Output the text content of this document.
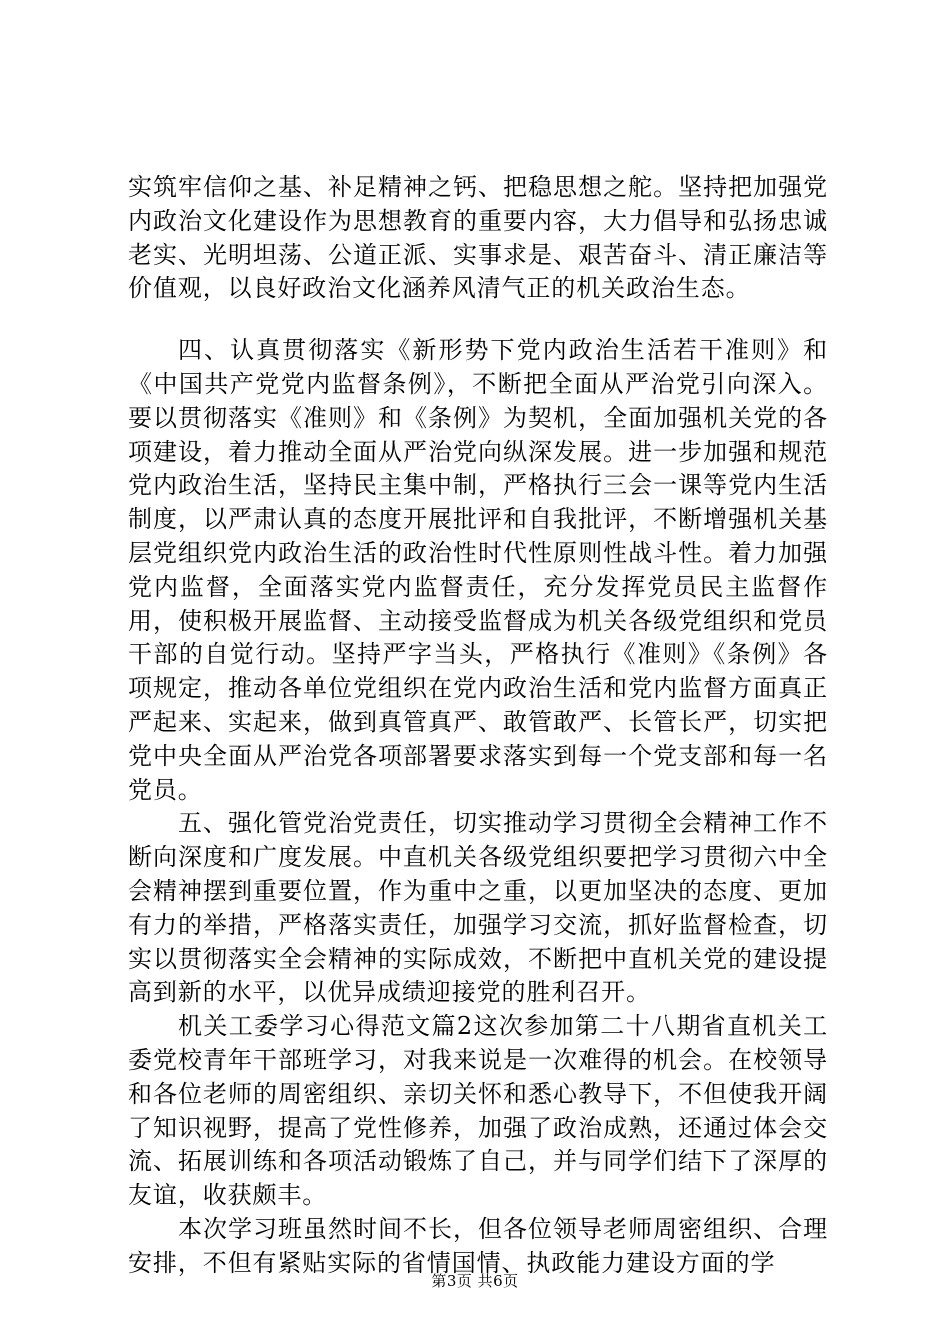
实筑牢信仰之基、补足精神之钙、把稳思想之舵。坚持把加强党内政治文化建设作为思想教育的重要内容，大力倡导和弘扬忠诚老实、光明坦荡、公道正派、实事求是、艰苦奋斗、清正廉洁等价值观，以良好政治文化涵养风清气正的机关政治生态。

四、认真贯彻落实《新形势下党内政治生活若干准则》和《中国共产党党内监督条例》，不断把全面从严治党引向深入。要以贯彻落实《准则》和《条例》为契机，全面加强机关党的各项建设，着力推动全面从严治党向纵深发展。进一步加强和规范党内政治生活，坚持民主集中制，严格执行三会一课等党内生活制度，以严肃认真的态度开展批评和自我批评，不断增强机关基层党组织党内政治生活的政治性时代性原则性战斗性。着力加强党内监督，全面落实党内监督责任，充分发挥党员民主监督作用，使积极开展监督、主动接受监督成为机关各级党组织和党员干部的自觉行动。坚持严字当头，严格执行《准则》《条例》各项规定，推动各单位党组织在党内政治生活和党内监督方面真正严起来、实起来，做到真管真严、敢管敢严、长管长严，切实把党中央全面从严治党各项部署要求落实到每一个党支部和每一名党员。

五、强化管党治党责任，切实推动学习贯彻全会精神工作不断向深度和广度发展。中直机关各级党组织要把学习贯彻六中全会精神摆到重要位置，作为重中之重，以更加坚决的态度、更加有力的举措，严格落实责任，加强学习交流，抓好监督检查，切实以贯彻落实全会精神的实际成效，不断把中直机关党的建设提高到新的水平，以优异成绩迎接党的胜利召开。

机关工委学习心得范文篇2这次参加第二十八期省直机关工委党校青年干部班学习，对我来说是一次难得的机会。在校领导和各位老师的周密组织、亲切关怀和悉心教导下，不但使我开阔了知识视野，提高了党性修养，加强了政治成熟，还通过体会交流、拓展训练和各项活动锻炼了自己，并与同学们结下了深厚的友谊，收获颇丰。

本次学习班虽然时间不长，但各位领导老师周密组织、合理安排，不但有紧贴实际的省情国情、执政能力建设方面的学

第3页 共6页
